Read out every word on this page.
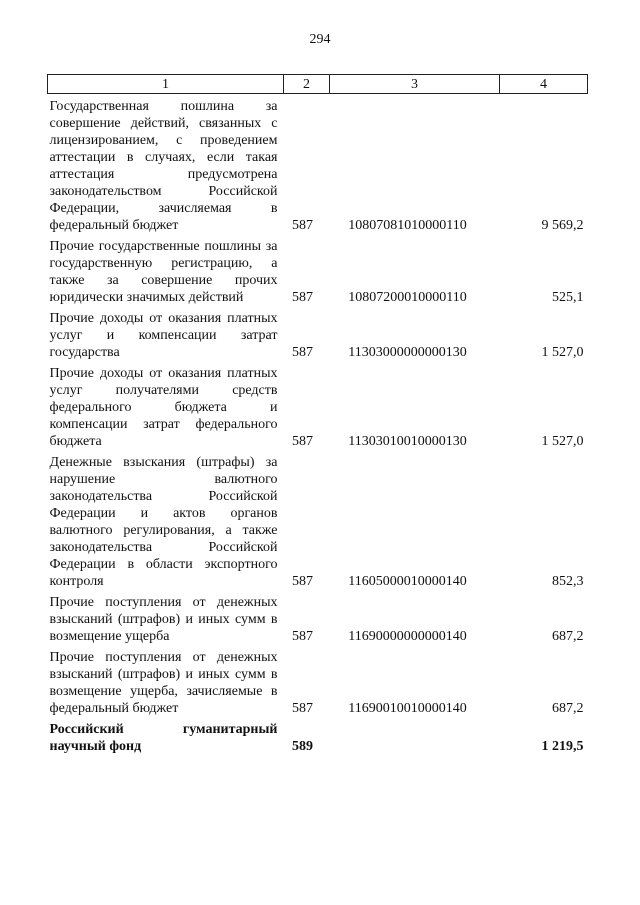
294
1	2	3	4
Государственная пошлина за совершение действий, связанных с лицензированием, с проведением аттестации в случаях, если такая аттестация предусмотрена законодательством Российской Федерации, зачисляемая в федеральный бюджет	587	10807081010000110	9 569,2
Прочие государственные пошлины за государственную регистрацию, а также за совершение прочих юридически значимых действий	587	10807200010000110	525,1
Прочие доходы от оказания платных услуг и компенсации затрат государства	587	11303000000000130	1 527,0
Прочие доходы от оказания платных услуг получателями средств федерального бюджета и компенсации затрат федерального бюджета	587	11303010010000130	1 527,0
Денежные взыскания (штрафы) за нарушение валютного законодательства Российской Федерации и актов органов валютного регулирования, а также законодательства Российской Федерации в области экспортного контроля	587	11605000010000140	852,3
Прочие поступления от денежных взысканий (штрафов) и иных сумм в возмещение ущерба	587	11690000000000140	687,2
Прочие поступления от денежных взысканий (штрафов) и иных сумм в возмещение ущерба, зачисляемые в федеральный бюджет	587	11690010010000140	687,2
Российский гуманитарный научный фонд	589		1 219,5
